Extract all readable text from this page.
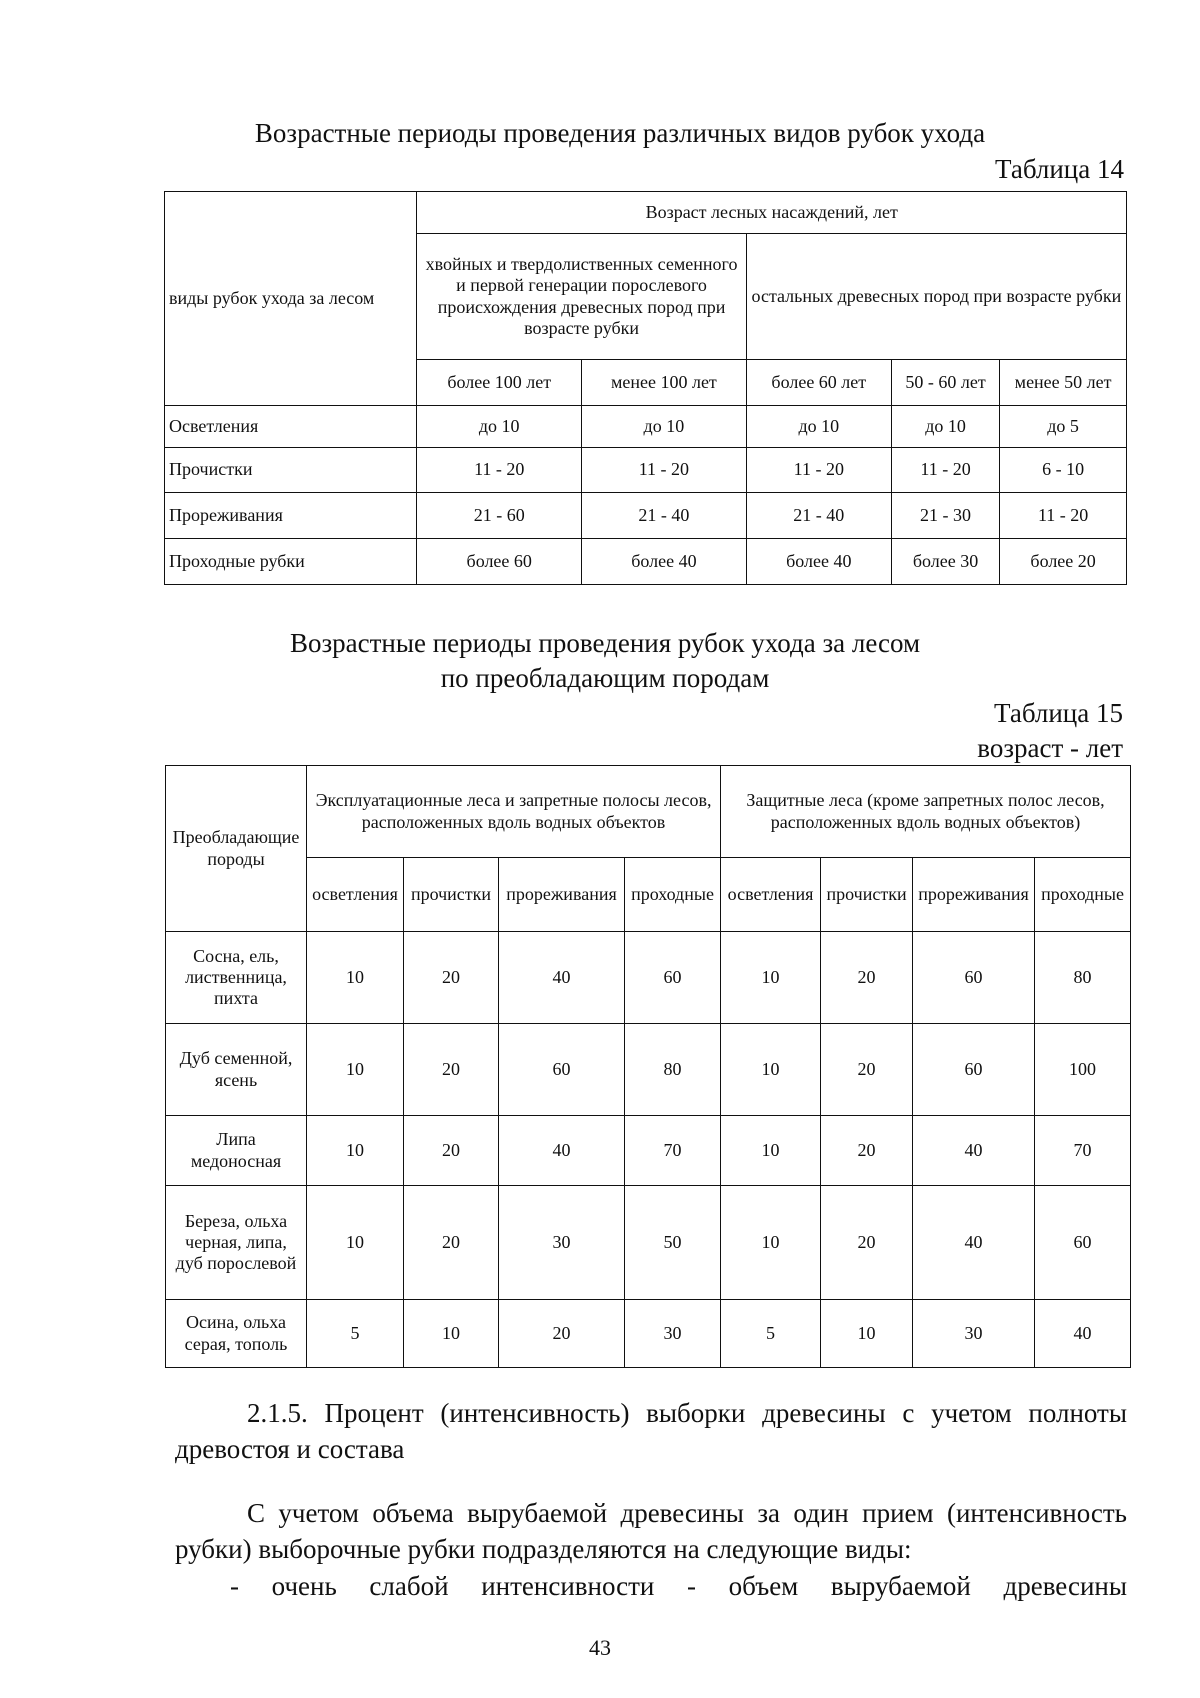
Возрастные периоды проведения различных видов рубок ухода
Таблица 14
виды рубок ухода за лесом	Возраст лесных насаждений, лет				
	хвойных и твердолиственных семенного и первой генерации порослевого происхождения древесных пород при возрасте рубки		остальных древесных пород при возрасте рубки		
	более 100 лет	менее 100 лет	более 60 лет	50 - 60 лет	менее 50 лет
Осветления	до 10	до 10	до 10	до 10	до 5
Прочистки	11 - 20	11 - 20	11 - 20	11 - 20	6 - 10
Прореживания	21 - 60	21 - 40	21 - 40	21 - 30	11 - 20
Проходные рубки	более 60	более 40	более 40	более 30	более 20
Возрастные периоды проведения рубок ухода за лесом
по преобладающим породам
Таблица 15
возраст - лет
Преобладающие породы	Эксплуатационные леса и запретные полосы лесов, расположенных вдоль водных объектов				Защитные леса (кроме запретных полос лесов, расположенных вдоль водных объектов)			
	осветления	прочистки	прореживания	проходные	осветления	прочистки	прореживания	проходные
Сосна, ель, лиственница, пихта	10	20	40	60	10	20	60	80
Дуб семенной, ясень	10	20	60	80	10	20	60	100
Липа медоносная	10	20	40	70	10	20	40	70
Береза, ольха черная, липа, дуб порослевой	10	20	30	50	10	20	40	60
Осина, ольха серая, тополь	5	10	20	30	5	10	30	40
2.1.5. Процент (интенсивность) выборки древесины с учетом полноты древостоя и состава
С учетом объема вырубаемой древесины за один прием (интенсивность рубки) выборочные рубки подразделяются на следующие виды:
- очень слабой интенсивности - объем вырубаемой древесины
43
